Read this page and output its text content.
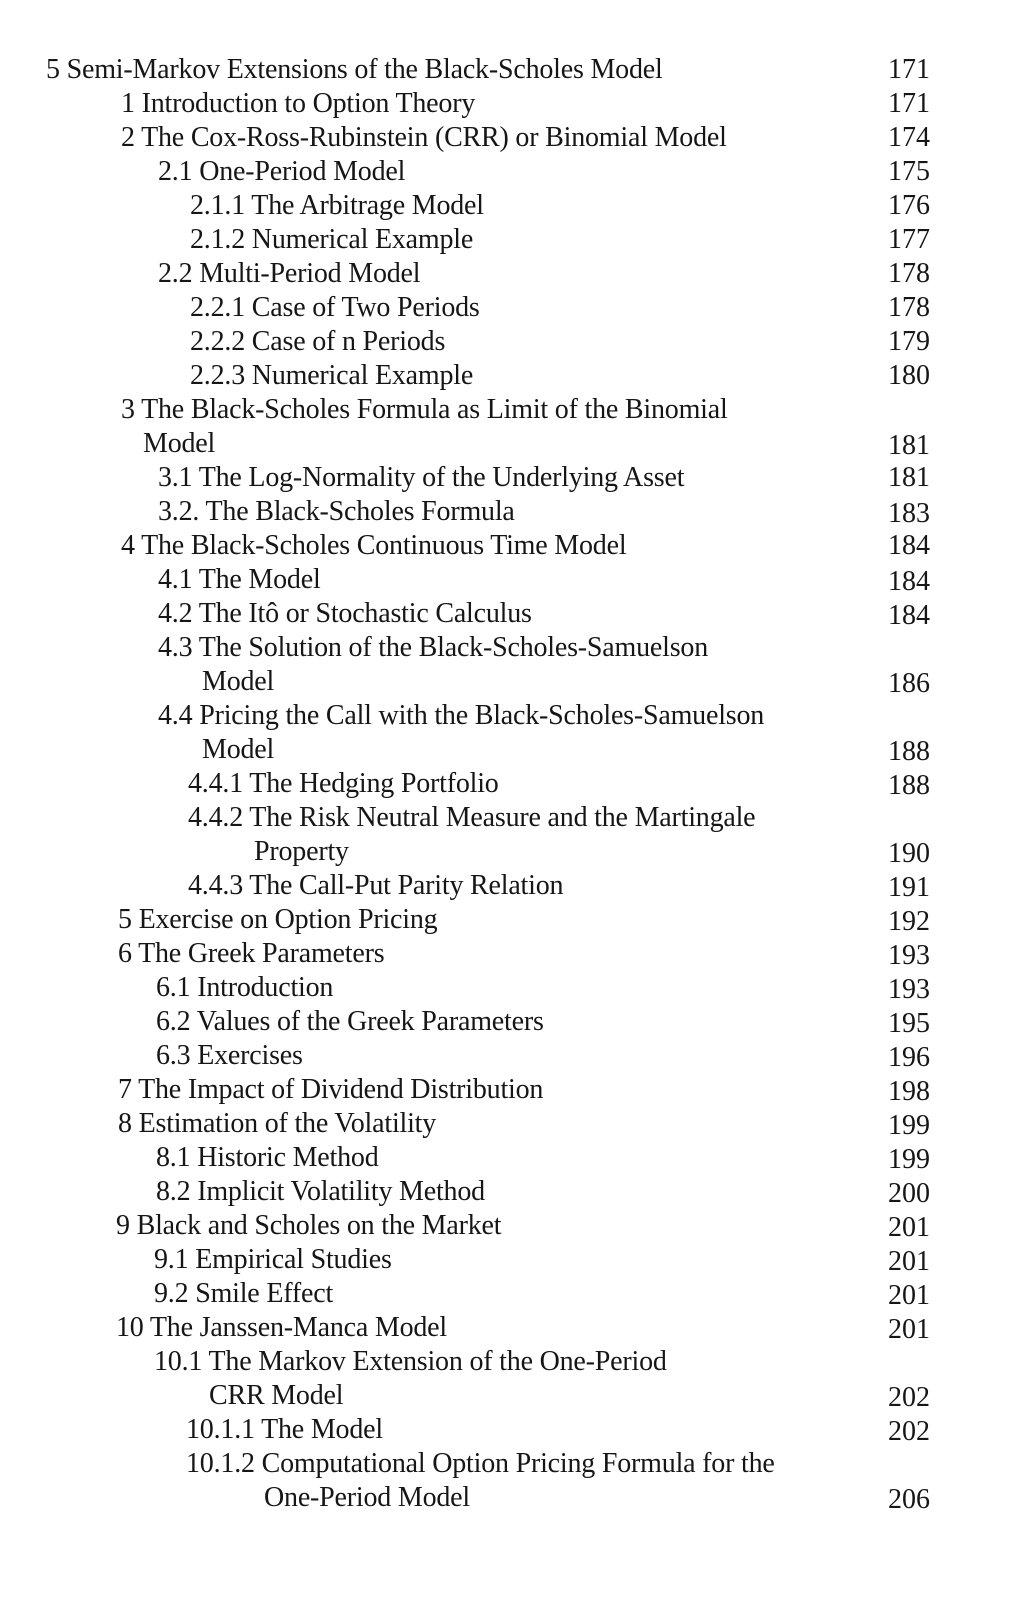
5 Semi-Markov Extensions of the Black-Scholes Model	171
1 Introduction to Option Theory	171
2 The Cox-Ross-Rubinstein (CRR) or Binomial Model	174
2.1 One-Period Model	175
2.1.1 The Arbitrage Model	176
2.1.2 Numerical Example	177
2.2 Multi-Period Model	178
2.2.1 Case of Two Periods	178
2.2.2 Case of n Periods	179
2.2.3 Numerical Example	180
3 The Black-Scholes Formula as Limit of the Binomial
Model	181
3.1 The Log-Normality of the Underlying Asset	181
3.2. The Black-Scholes Formula	183
4 The Black-Scholes Continuous Time Model	184
4.1 The Model	184
4.2 The Itô or Stochastic Calculus	184
4.3 The Solution of the Black-Scholes-Samuelson
Model	186
4.4 Pricing the Call with the Black-Scholes-Samuelson
Model	188
4.4.1 The Hedging Portfolio	188
4.4.2 The Risk Neutral Measure and the Martingale
Property	190
4.4.3 The Call-Put Parity Relation	191
5 Exercise on Option Pricing	192
6 The Greek Parameters	193
6.1 Introduction	193
6.2 Values of the Greek Parameters	195
6.3 Exercises	196
7 The Impact of Dividend Distribution	198
8 Estimation of the Volatility	199
8.1 Historic Method	199
8.2 Implicit Volatility Method	200
9 Black and Scholes on the Market	201
9.1 Empirical Studies	201
9.2 Smile Effect	201
10 The Janssen-Manca Model	201
10.1 The Markov Extension of the One-Period
CRR Model	202
10.1.1 The Model	202
10.1.2 Computational Option Pricing Formula for the
One-Period Model	206
